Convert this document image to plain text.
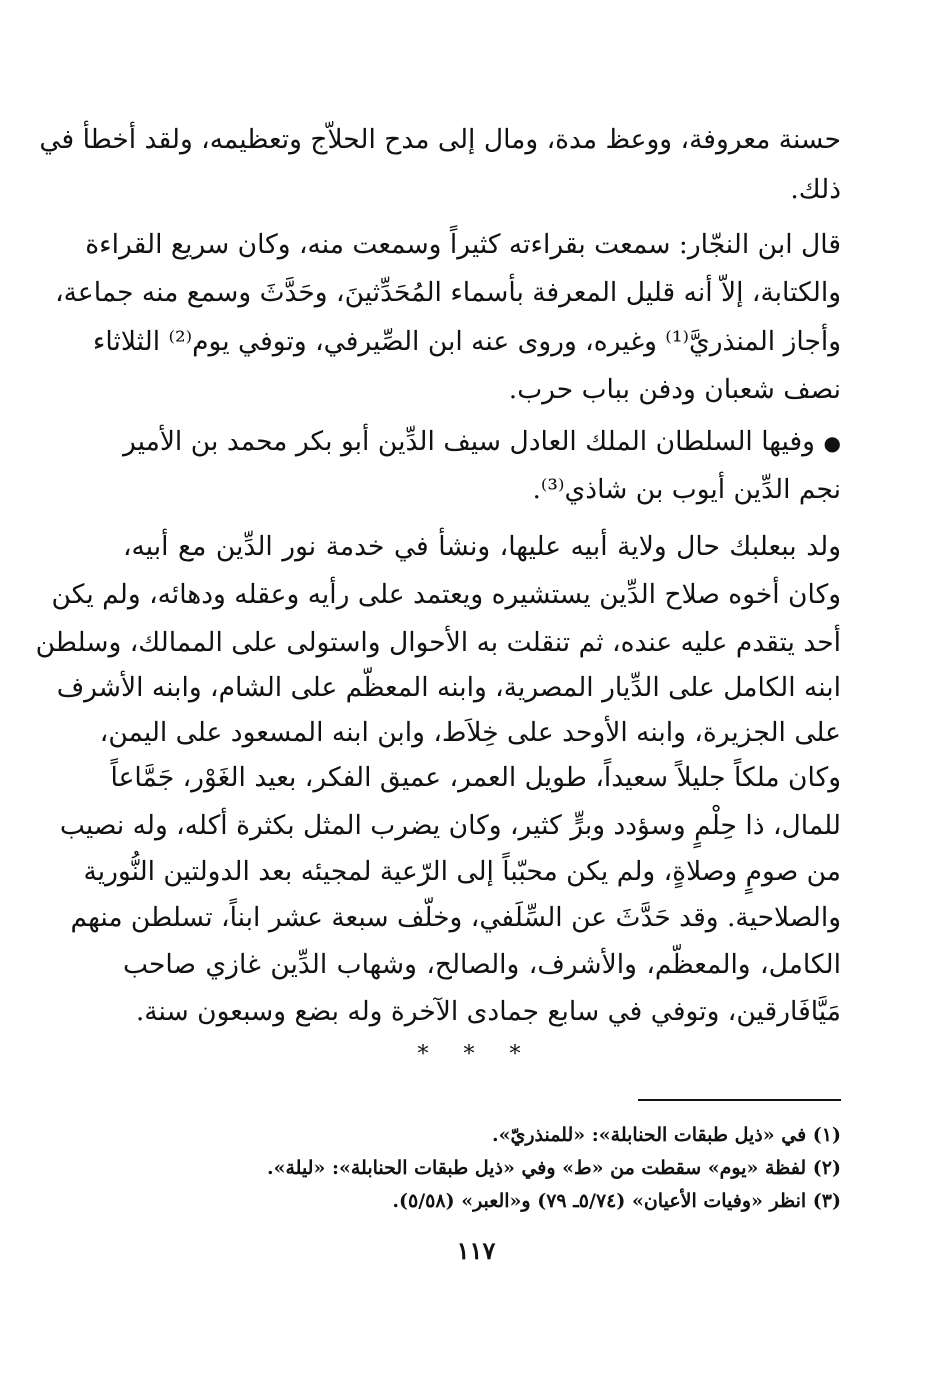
حسنة معروفة، ووعظ مدة، ومال إلى مدح الحلاّج وتعظيمه، ولقد أخطأ في
ذلك.
قال ابن النجّار: سمعت بقراءته كثيراً وسمعت منه، وكان سريع القراءة
والكتابة، إلاّ أنه قليل المعرفة بأسماء المُحَدِّثينَ، وحَدَّثَ وسمع منه جماعة،
وأجاز المنذريَّ⁽¹⁾ وغيره، وروى عنه ابن الصِّيرفي، وتوفي يوم⁽²⁾ الثلاثاء
نصف شعبان ودفن بباب حرب.
● وفيها السلطان الملك العادل سيف الدِّين أبو بكر محمد بن الأمير
نجم الدِّين أيوب بن شاذي⁽³⁾.
ولد ببعلبك حال ولاية أبيه عليها، ونشأ في خدمة نور الدِّين مع أبيه،
وكان أخوه صلاح الدِّين يستشيره ويعتمد على رأيه وعقله ودهائه، ولم يكن
أحد يتقدم عليه عنده، ثم تنقلت به الأحوال واستولى على الممالك، وسلطن
ابنه الكامل على الدِّيار المصرية، وابنه المعظّم على الشام، وابنه الأشرف
على الجزيرة، وابنه الأوحد على خِلاَط، وابن ابنه المسعود على اليمن،
وكان ملكاً جليلاً سعيداً، طويل العمر، عميق الفكر، بعيد الغَوْر، جَمَّاعاً
للمال، ذا حِلْمٍ وسؤدد وبرٍّ كثير، وكان يضرب المثل بكثرة أكله، وله نصيب
من صومٍ وصلاةٍ، ولم يكن محبّباً إلى الرّعية لمجيئه بعد الدولتين النُّورية
والصلاحية. وقد حَدَّثَ عن السِّلَفي، وخلّف سبعة عشر ابناً، تسلطن منهم
الكامل، والمعظّم، والأشرف، والصالح، وشهاب الدِّين غازي صاحب
مَيَّافَارقين، وتوفي في سابع جمادى الآخرة وله بضع وسبعون سنة.
* * *
(١) في «ذيل طبقات الحنابلة»: «للمنذريّ».
(٢) لفظة «يوم» سقطت من «ط» وفي «ذيل طبقات الحنابلة»: «ليلة».
(٣) انظر «وفيات الأعيان» (٥/٧٤ـ ٧٩) و«العبر» (٥/٥٨).
١١٧
